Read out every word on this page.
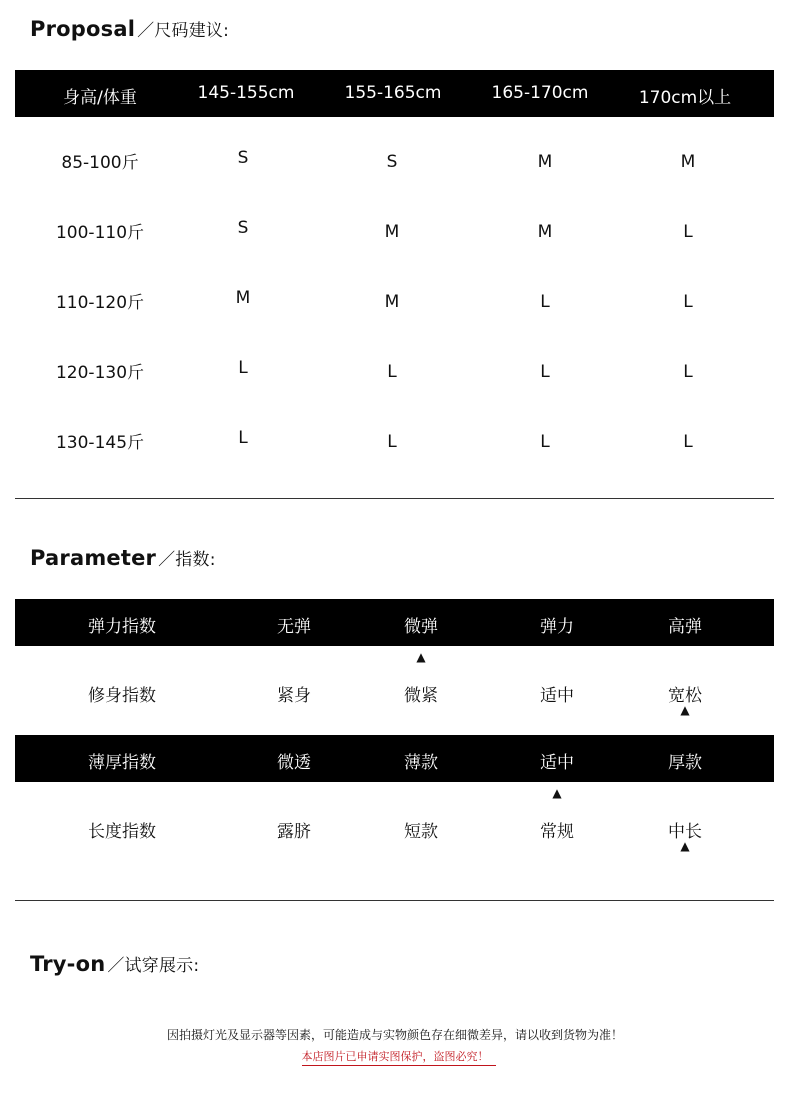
Proposal ／尺码建议:
身高/体重	145-155cm	155-165cm	165-170cm	170cm以上
85-100斤	S	S	M	M
100-110斤	S	M	M	L
110-120斤	M	M	L	L
120-130斤	L	L	L	L
130-145斤	L	L	L	L
Parameter ／指数:
弹力指数	无弹	微弹	弹力	高弹
▲
修身指数	紧身	微紧	适中	宽松
▲
薄厚指数	微透	薄款	适中	厚款
▲
长度指数	露脐	短款	常规	中长
▲
Try-on ／试穿展示:
因拍摄灯光及显示器等因素，可能造成与实物颜色存在细微差异，请以收到货物为准！
本店图片已申请实图保护，盗图必究！
